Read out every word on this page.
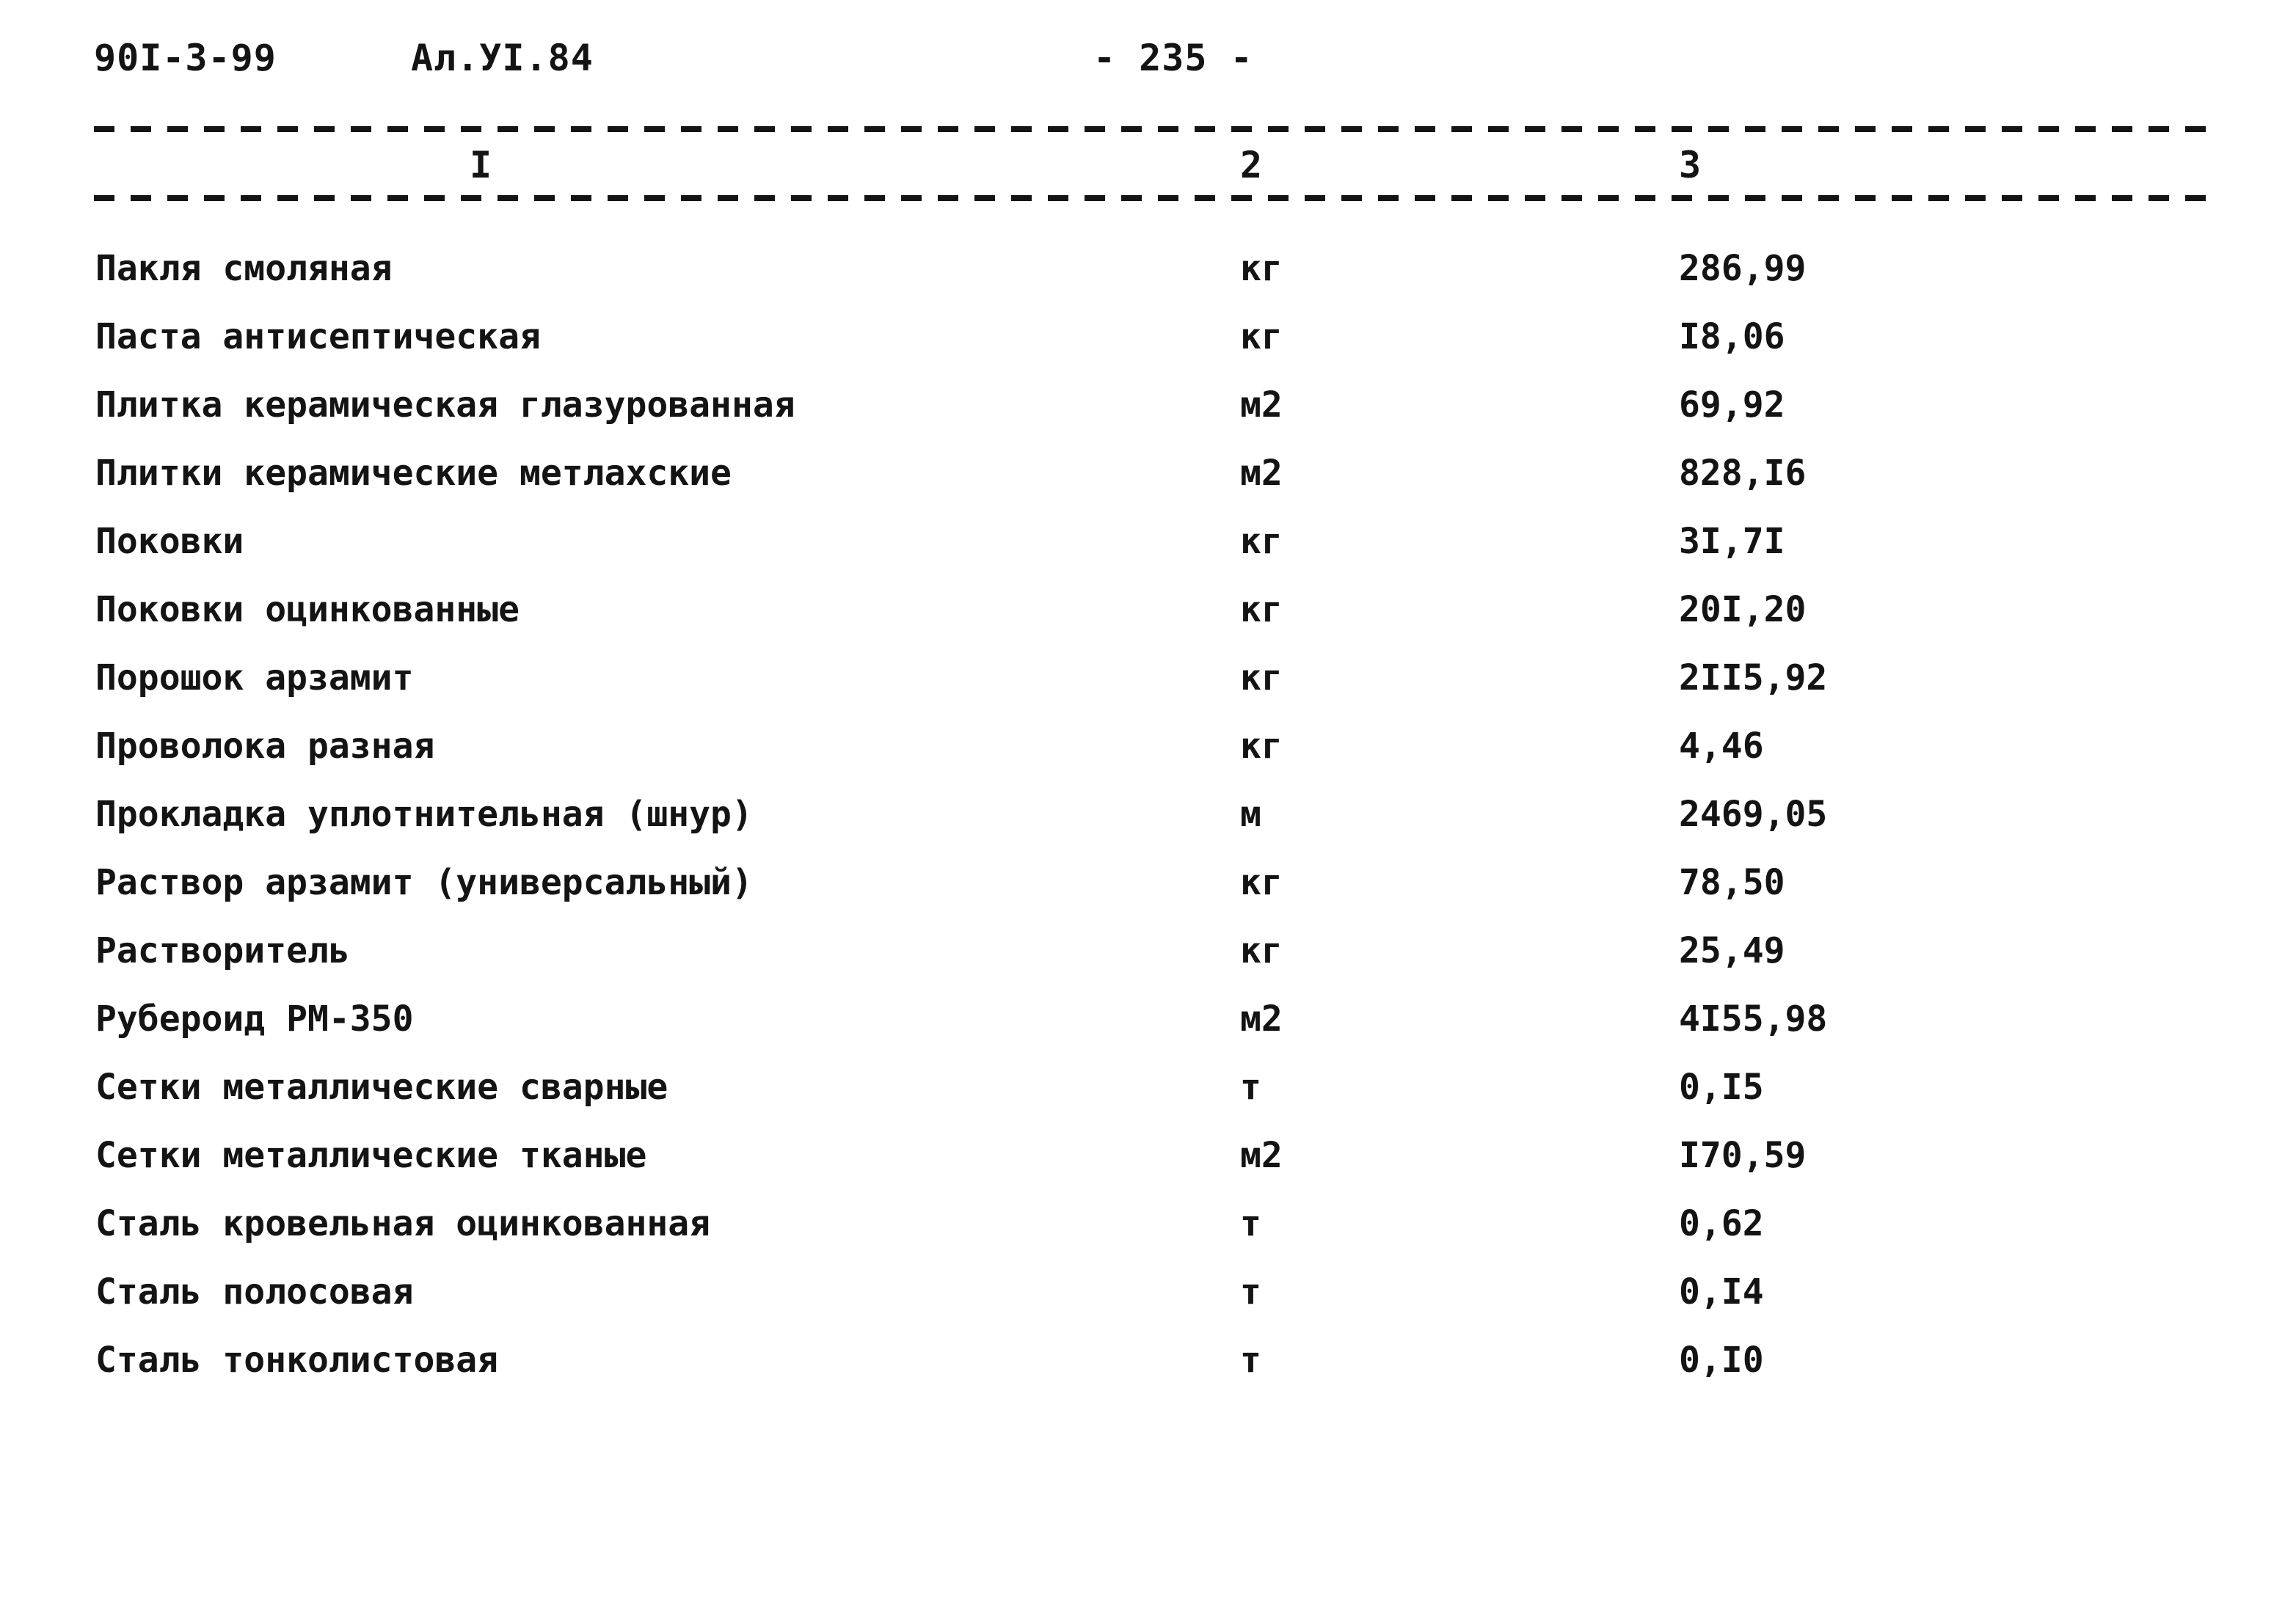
90I-3-99	Ал.УI.84	- 235 -
I	2	3
Пакля смоляная	кг	286,99
Паста антисептическая	кг	I8,06
Плитка керамическая глазурованная	м2	69,92
Плитки керамические метлахские	м2	828,I6
Поковки	кг	3I,7I
Поковки оцинкованные	кг	20I,20
Порошок арзамит	кг	2II5,92
Проволока разная	кг	4,46
Прокладка уплотнительная (шнур)	м	2469,05
Раствор арзамит (универсальный)	кг	78,50
Растворитель	кг	25,49
Рубероид РМ-350	м2	4I55,98
Сетки металлические сварные	т	0,I5
Сетки металлические тканые	м2	I70,59
Сталь кровельная оцинкованная	т	0,62
Сталь полосовая	т	0,I4
Сталь тонколистовая	т	0,I0
